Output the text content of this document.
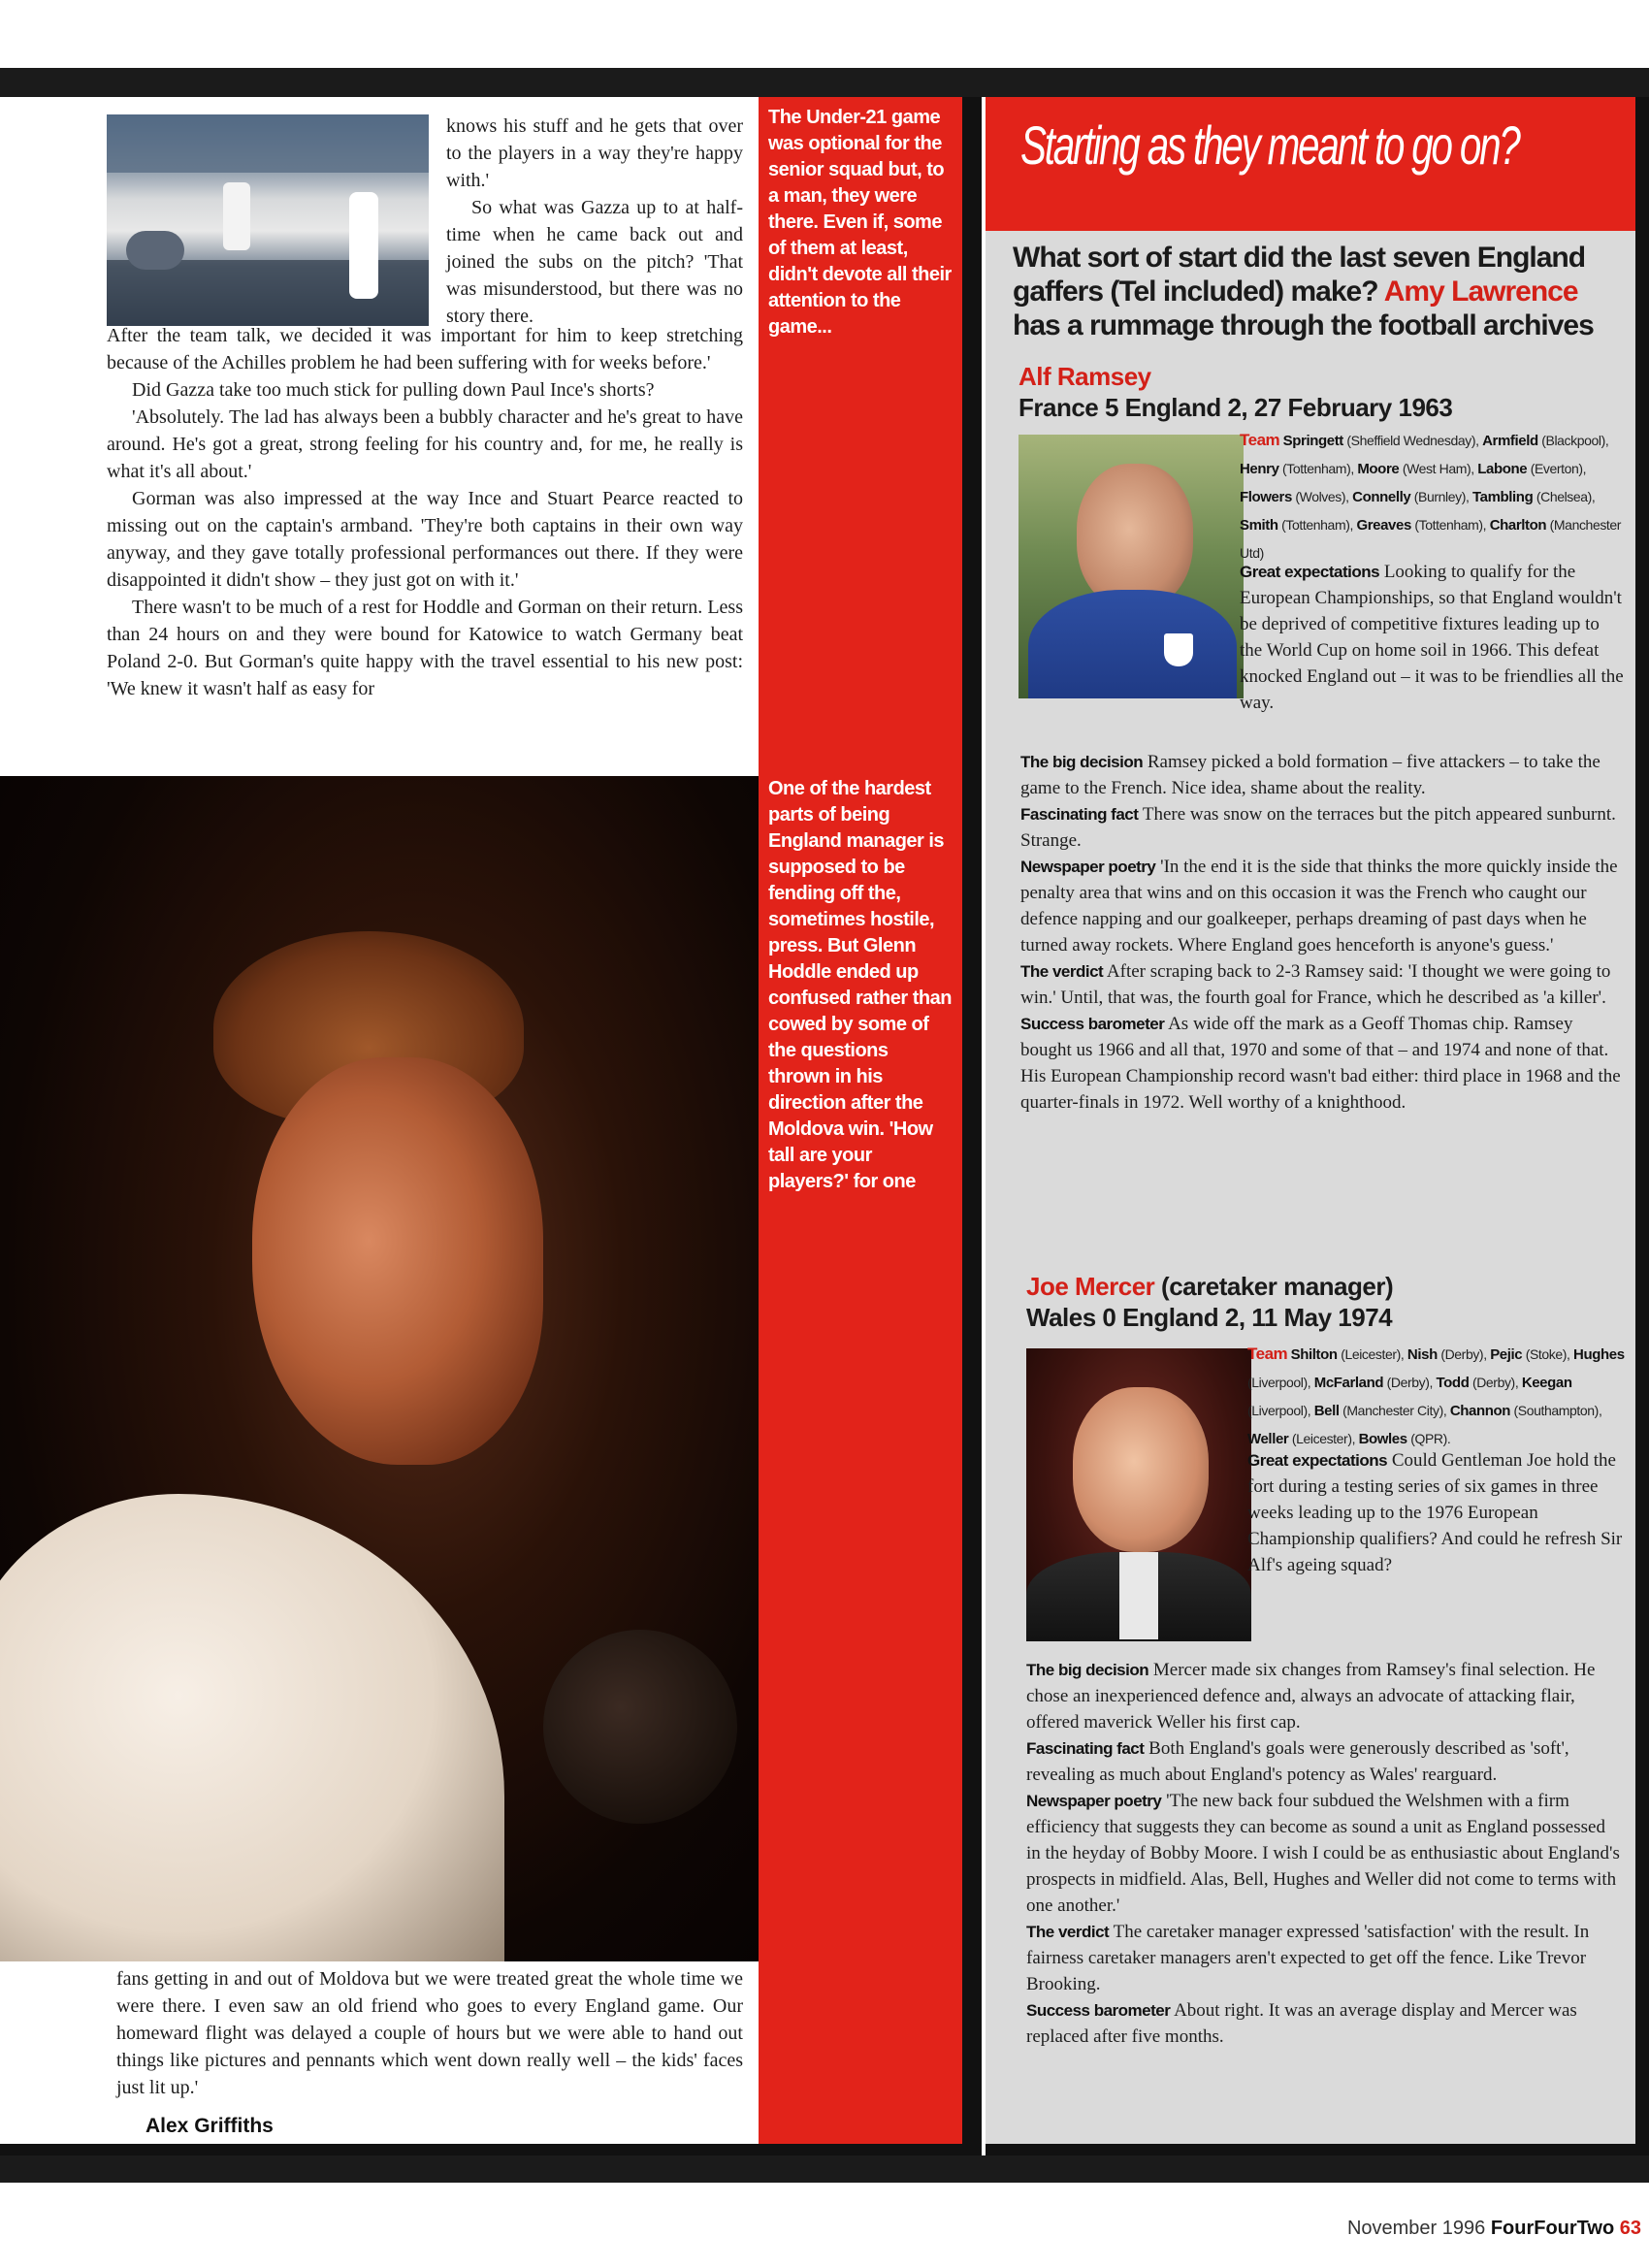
knows his stuff and he gets that over to the players in a way they're happy with.'

So what was Gazza up to at half-time when he came back out and joined the subs on the pitch? 'That was misunderstood, but there was no story there.

After the team talk, we decided it was important for him to keep stretching because of the Achilles problem he had been suffering with for weeks before.'

Did Gazza take too much stick for pulling down Paul Ince's shorts?

'Absolutely. The lad has always been a bubbly character and he's great to have around. He's got a great, strong feeling for his country and, for me, he really is what it's all about.'

Gorman was also impressed at the way Ince and Stuart Pearce reacted to missing out on the captain's armband. 'They're both captains in their own way anyway, and they gave totally professional performances out there. If they were disappointed it didn't show – they just got on with it.'

There wasn't to be much of a rest for Hoddle and Gorman on their return. Less than 24 hours on and they were bound for Katowice to watch Germany beat Poland 2-0. But Gorman's quite happy with the travel essential to his new post: 'We knew it wasn't half as easy for

fans getting in and out of Moldova but we were treated great the whole time we were there. I even saw an old friend who goes to every England game. Our homeward flight was delayed a couple of hours but we were able to hand out things like pictures and pennants which went down really well – the kids' faces just lit up.'

Alex Griffiths
The Under-21 game was optional for the senior squad but, to a man, they were there. Even if, some of them at least, didn't devote all their attention to the game...
One of the hardest parts of being England manager is supposed to be fending off the, sometimes hostile, press. But Glenn Hoddle ended up confused rather than cowed by some of the questions thrown in his direction after the Moldova win. 'How tall are your players?' for one
Starting as they meant to go on?
What sort of start did the last seven England gaffers (Tel included) make? Amy Lawrence has a rummage through the football archives
Alf Ramsey
France 5 England 2, 27 February 1963
Team Springett (Sheffield Wednesday), Armfield (Blackpool), Henry (Tottenham), Moore (West Ham), Labone (Everton), Flowers (Wolves), Connelly (Burnley), Tambling (Chelsea), Smith (Tottenham), Greaves (Tottenham), Charlton (Manchester Utd)
Great expectations Looking to qualify for the European Championships, so that England wouldn't be deprived of competitive fixtures leading up to the World Cup on home soil in 1966. This defeat knocked England out – it was to be friendlies all the way.

The big decision Ramsey picked a bold formation – five attackers – to take the game to the French. Nice idea, shame about the reality.

Fascinating fact There was snow on the terraces but the pitch appeared sunburnt. Strange.

Newspaper poetry 'In the end it is the side that thinks the more quickly inside the penalty area that wins and on this occasion it was the French who caught our defence napping and our goalkeeper, perhaps dreaming of past days when he turned away rockets. Where England goes henceforth is anyone's guess.'

The verdict After scraping back to 2-3 Ramsey said: 'I thought we were going to win.' Until, that was, the fourth goal for France, which he described as 'a killer'.

Success barometer As wide off the mark as a Geoff Thomas chip. Ramsey bought us 1966 and all that, 1970 and some of that – and 1974 and none of that. His European Championship record wasn't bad either: third place in 1968 and the quarter-finals in 1972. Well worthy of a knighthood.

Joe Mercer (caretaker manager)
Wales 0 England 2, 11 May 1974
Team Shilton (Leicester), Nish (Derby), Pejic (Stoke), Hughes (Liverpool), McFarland (Derby), Todd (Derby), Keegan (Liverpool), Bell (Manchester City), Channon (Southampton), Weller (Leicester), Bowles (QPR).
Great expectations Could Gentleman Joe hold the fort during a testing series of six games in three weeks leading up to the 1976 European Championship qualifiers? And could he refresh Sir Alf's ageing squad?

The big decision Mercer made six changes from Ramsey's final selection. He chose an inexperienced defence and, always an advocate of attacking flair, offered maverick Weller his first cap.

Fascinating fact Both England's goals were generously described as 'soft', revealing as much about England's potency as Wales' rearguard.

Newspaper poetry 'The new back four subdued the Welshmen with a firm efficiency that suggests they can become as sound a unit as England possessed in the heyday of Bobby Moore. I wish I could be as enthusiastic about England's prospects in midfield. Alas, Bell, Hughes and Weller did not come to terms with one another.'

The verdict The caretaker manager expressed 'satisfaction' with the result. In fairness caretaker managers aren't expected to get off the fence. Like Trevor Brooking.

Success barometer About right. It was an average display and Mercer was replaced after five months.

November 1996 FourFourTwo 63
